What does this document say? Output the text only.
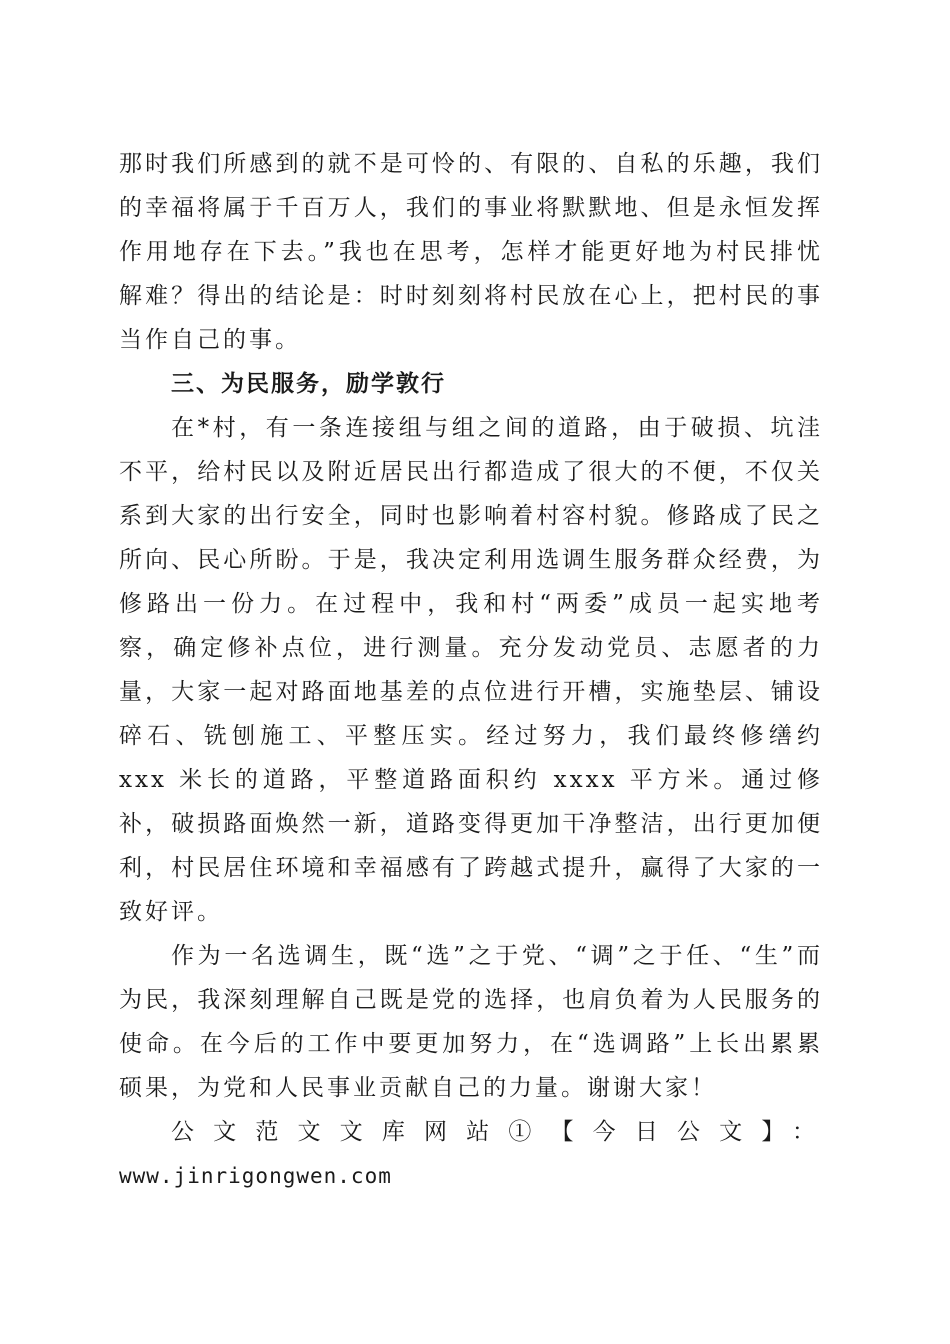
那时我们所感到的就不是可怜的、有限的、自私的乐趣，我们的幸福将属于千百万人，我们的事业将默默地、但是永恒发挥作用地存在下去。”我也在思考，怎样才能更好地为村民排忧解难？得出的结论是：时时刻刻将村民放在心上，把村民的事当作自己的事。

三、为民服务，励学敦行

在*村，有一条连接组与组之间的道路，由于破损、坑洼不平，给村民以及附近居民出行都造成了很大的不便，不仅关系到大家的出行安全，同时也影响着村容村貌。修路成了民之所向、民心所盼。于是，我决定利用选调生服务群众经费，为修路出一份力。在过程中，我和村“两委”成员一起实地考察，确定修补点位，进行测量。充分发动党员、志愿者的力量，大家一起对路面地基差的点位进行开槽，实施垫层、铺设碎石、铣刨施工、平整压实。经过努力，我们最终修缮约 xxx 米长的道路，平整道路面积约 xxxx 平方米。通过修补，破损路面焕然一新，道路变得更加干净整洁，出行更加便利，村民居住环境和幸福感有了跨越式提升，赢得了大家的一致好评。

作为一名选调生，既“选”之于党、“调”之于任、“生”而为民，我深刻理解自己既是党的选择，也肩负着为人民服务的使命。在今后的工作中要更加努力，在“选调路”上长出累累硕果，为党和人民事业贡献自己的力量。谢谢大家！

公文范文文库网站①【今日公文】：

www.jinrigongwen.com
